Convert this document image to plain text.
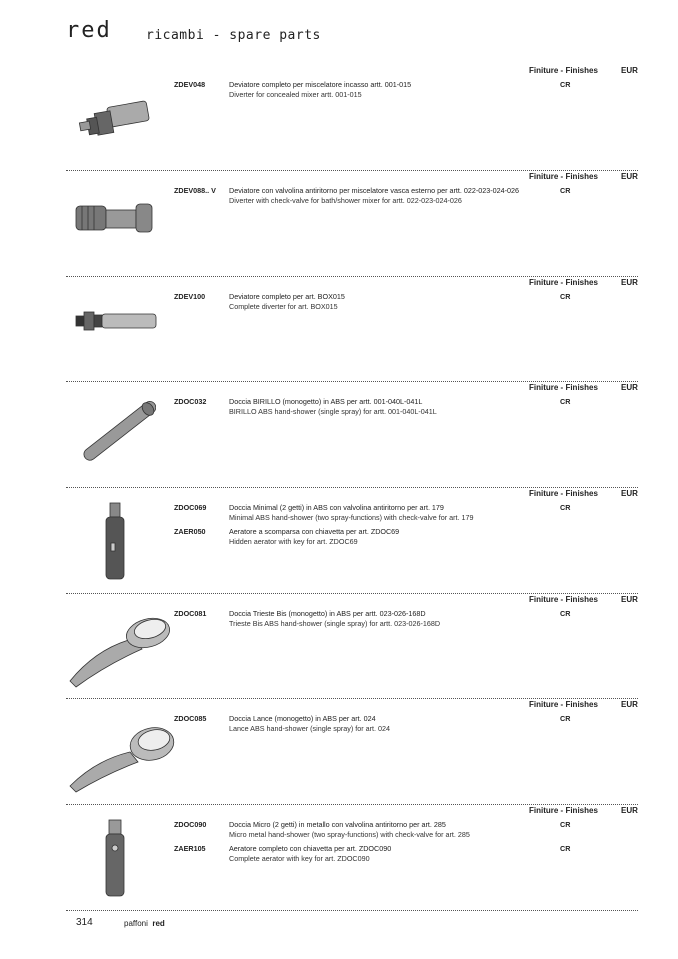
red	ricambi - spare parts
Finiture - Finishes	EUR
ZDEV048	Deviatore completo per miscelatore incasso artt. 001-015
Diverter for concealed mixer artt. 001-015
CR
Finiture - Finishes	EUR
ZDEV088.. V Deviatore con valvolina antiritorno per miscelatore vasca esterno per artt. 022-023-024-026
Diverter with check-valve for bath/shower mixer for artt. 022-023-024-026
CR
Finiture - Finishes	EUR
ZDEV100	Deviatore completo per art. BOX015
Complete diverter for art. BOX015
CR
Finiture - Finishes	EUR
ZDOC032	Doccia BIRILLO (monogetto) in ABS per artt. 001-040L-041L
BIRILLO ABS hand-shower (single spray) for artt. 001-040L-041L
CR
Finiture - Finishes	EUR
ZDOC069	Doccia Minimal (2 getti) in ABS con valvolina antiritorno per art. 179
Minimal ABS hand-shower (two spray-functions) with check-valve for art. 179
CR
ZAER050	Aeratore a scomparsa con chiavetta per art. ZDOC69
Hidden aerator with key for art. ZDOC69
Finiture - Finishes	EUR
ZDOC081	Doccia Trieste Bis (monogetto) in ABS per artt. 023-026-168D
Trieste Bis ABS hand-shower (single spray) for artt. 023-026-168D
CR
Finiture - Finishes	EUR
ZDOC085	Doccia Lance (monogetto) in ABS per art. 024
Lance ABS hand-shower (single spray) for art. 024
CR
Finiture - Finishes	EUR
ZDOC090	Doccia Micro (2 getti) in metallo con valvolina antiritorno per art. 285
Micro metal hand-shower (two spray-functions) with check-valve for art. 285
CR
ZAER105	Aeratore completo con chiavetta per art. ZDOC090
Complete aerator with key for art. ZDOC090
CR
314	paffoni red
